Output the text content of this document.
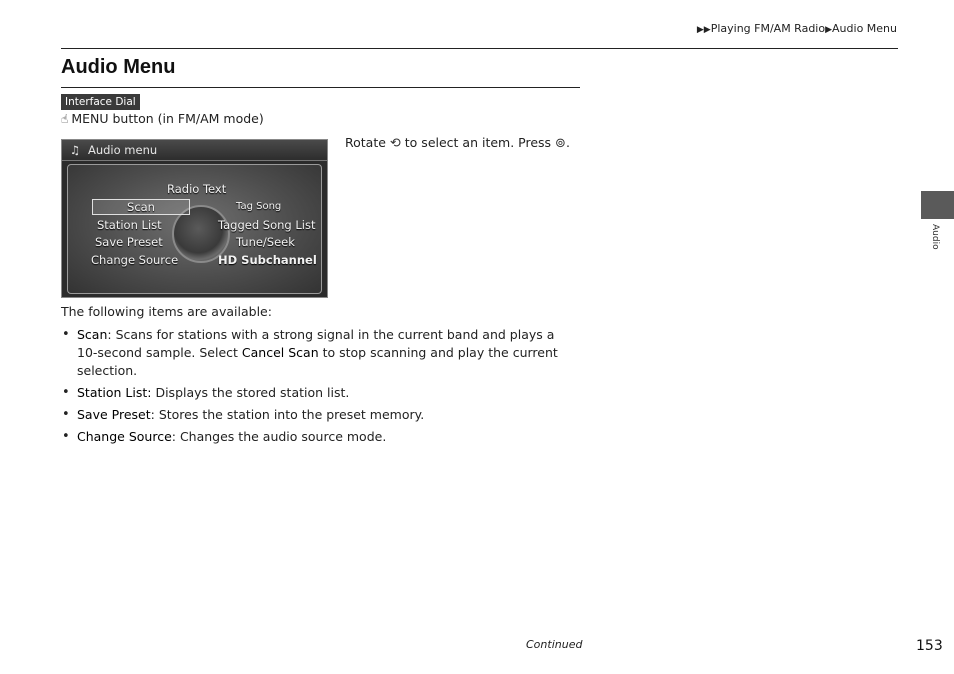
▶▶Playing FM/AM Radio▶Audio Menu
Audio Menu
Interface Dial
☝ MENU button (in FM/AM mode)
♫ Audio menu
Radio Text
Scan	Tag Song
Station List	Tagged Song List
Save Preset	Tune/Seek
Change Source	HD Subchannel
Rotate ⟲ to select an item. Press ⊚.
The following items are available:
• Scan: Scans for stations with a strong signal in the current band and plays a 10-second sample. Select Cancel Scan to stop scanning and play the current selection.
• Station List: Displays the stored station list.
• Save Preset: Stores the station into the preset memory.
• Change Source: Changes the audio source mode.
Audio
Continued	153
